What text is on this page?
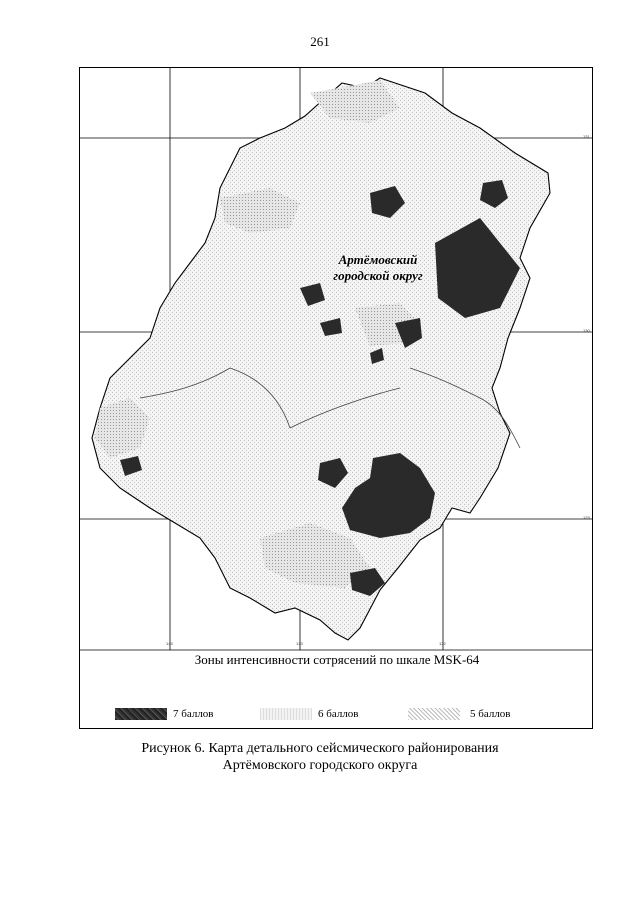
261
143	133	132
131
130
129
Артёмовский
городской округ
Зоны интенсивности сотрясений по шкале MSK-64
7 баллов	6 баллов	5 баллов
Рисунок 6. Карта детального сейсмического районирования
Артёмовского городского округа
